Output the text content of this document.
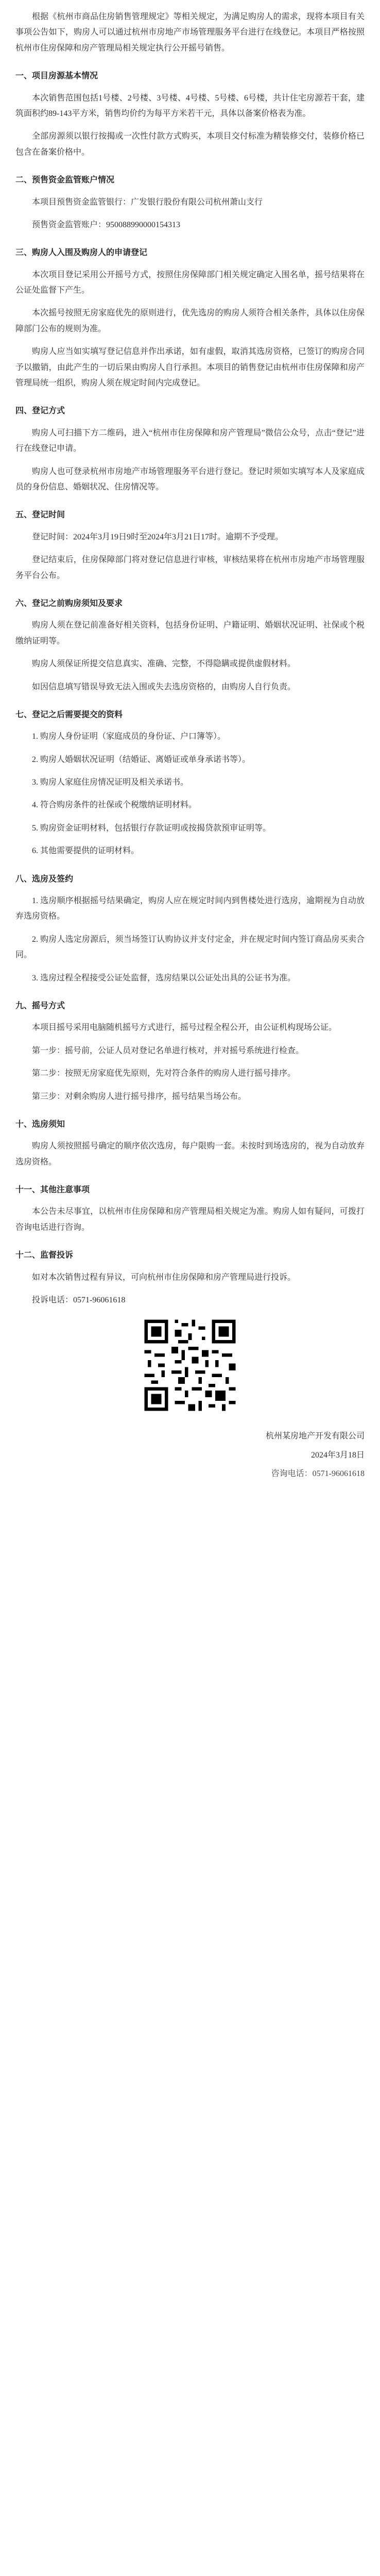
根据《杭州市商品住房销售管理规定》等相关规定，为满足购房人的需求，现将本项目有关事项公告如下，购房人可以通过杭州市房地产市场管理服务平台进行在线登记。本项目严格按照杭州市住房保障和房产管理局相关规定执行公开摇号销售。

一、项目房源基本情况

本次销售范围包括1号楼、2号楼、3号楼、4号楼、5号楼、6号楼，共计住宅房源若干套，建筑面积约89-143平方米，销售均价约为每平方米若干元，具体以备案价格表为准。

全部房源须以银行按揭或一次性付款方式购买，本项目交付标准为精装修交付，装修价格已包含在备案价格中。

二、预售资金监管账户情况

本项目预售资金监管银行：广发银行股份有限公司杭州萧山支行

预售资金监管账户：950088990000154313

三、购房人入围及购房人的申请登记

本次项目登记采用公开摇号方式，按照住房保障部门相关规定确定入围名单，摇号结果将在公证处监督下产生。

本次摇号按照无房家庭优先的原则进行，优先选房的购房人须符合相关条件，具体以住房保障部门公布的规则为准。

购房人应当如实填写登记信息并作出承诺，如有虚假，取消其选房资格，已签订的购房合同予以撤销，由此产生的一切后果由购房人自行承担。本项目的销售登记由杭州市住房保障和房产管理局统一组织，购房人须在规定时间内完成登记。

四、登记方式

购房人可扫描下方二维码，进入“杭州市住房保障和房产管理局”微信公众号，点击“登记”进行在线登记申请。

购房人也可登录杭州市房地产市场管理服务平台进行登记。登记时须如实填写本人及家庭成员的身份信息、婚姻状况、住房情况等。

五、登记时间

登记时间：2024年3月19日9时至2024年3月21日17时。逾期不予受理。

登记结束后，住房保障部门将对登记信息进行审核，审核结果将在杭州市房地产市场管理服务平台公布。

六、登记之前购房须知及要求

购房人须在登记前准备好相关资料，包括身份证明、户籍证明、婚姻状况证明、社保或个税缴纳证明等。

购房人须保证所提交信息真实、准确、完整，不得隐瞒或提供虚假材料。

如因信息填写错误导致无法入围或失去选房资格的，由购房人自行负责。

七、登记之后需要提交的资料

1. 购房人身份证明（家庭成员的身份证、户口簿等）。

2. 购房人婚姻状况证明（结婚证、离婚证或单身承诺书等）。

3. 购房人家庭住房情况证明及相关承诺书。

4. 符合购房条件的社保或个税缴纳证明材料。

5. 购房资金证明材料，包括银行存款证明或按揭贷款预审证明等。

6. 其他需要提供的证明材料。

八、选房及签约

1. 选房顺序根据摇号结果确定，购房人应在规定时间内到售楼处进行选房，逾期视为自动放弃选房资格。

2. 购房人选定房源后，须当场签订认购协议并支付定金，并在规定时间内签订商品房买卖合同。

3. 选房过程全程接受公证处监督，选房结果以公证处出具的公证书为准。

九、摇号方式

本项目摇号采用电脑随机摇号方式进行，摇号过程全程公开，由公证机构现场公证。

第一步：摇号前，公证人员对登记名单进行核对，并对摇号系统进行检查。

第二步：按照无房家庭优先原则，先对符合条件的购房人进行摇号排序。

第三步：对剩余购房人进行摇号排序，摇号结果当场公布。

十、选房须知

购房人须按照摇号确定的顺序依次选房，每户限购一套。未按时到场选房的，视为自动放弃选房资格。

十一、其他注意事项

本公告未尽事宜，以杭州市住房保障和房产管理局相关规定为准。购房人如有疑问，可拨打咨询电话进行咨询。

十二、监督投诉

如对本次销售过程有异议，可向杭州市住房保障和房产管理局进行投诉。

投诉电话：0571-96061618

杭州某房地产开发有限公司
2024年3月18日
咨询电话：0571-96061618
